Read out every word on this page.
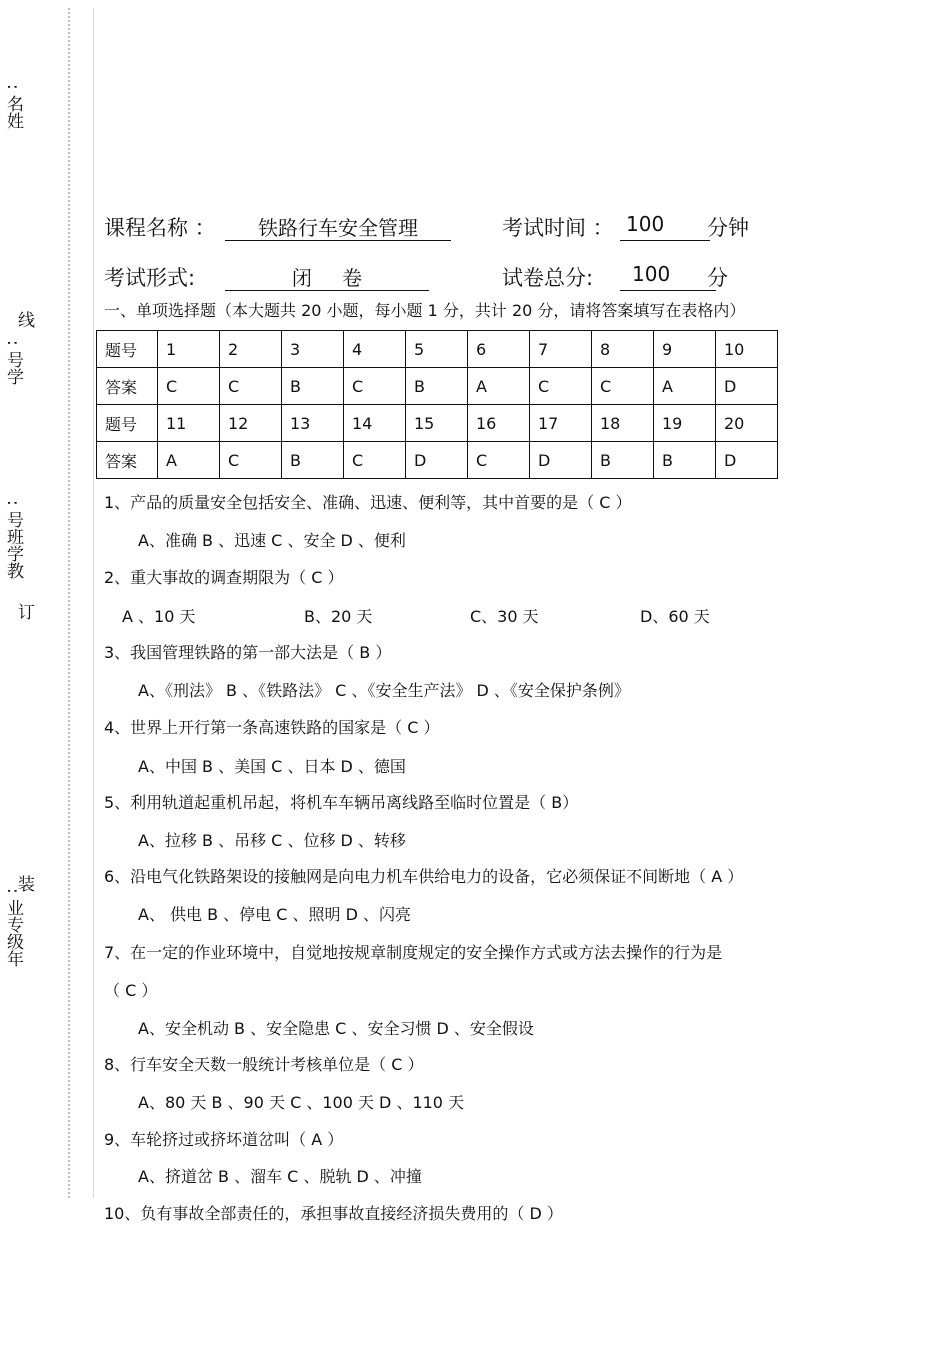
: 名姓
线
: 号学
: 号班学教
订
装
: 业专级年
课程名称 ：	铁路行车安全管理	考试时间 ： 100	分钟
考试形式:	闭 卷	试卷总分:	100	分
一、单项选择题（本大题共 20 小题，每小题 1 分，共计 20 分，请将答案填写在表格内）
题号	1	2	3	4	5	6	7	8	9	10
答案	C	C	B	C	B	A	C	C	A	D
题号	11	12	13	14	15	16	17	18	19	20
答案	A	C	B	C	D	C	D	B	B	D
1、产品的质量安全包括安全、准确、迅速、便利等，其中首要的是（ C ）
A、准确 B 、迅速 C 、安全 D 、便利
2、重大事故的调查期限为（ C ）
A 、10 天	B、20 天	C、30 天	D、60 天
3、我国管理铁路的第一部大法是（ B ）
A、《刑法》 B 、《铁路法》 C 、《安全生产法》 D 、《安全保护条例》
4、世界上开行第一条高速铁路的国家是（ C ）
A、中国 B 、美国 C 、日本 D 、德国
5、利用轨道起重机吊起，将机车车辆吊离线路至临时位置是（ B）
A、拉移 B 、吊移 C 、位移 D 、转移
6、沿电气化铁路架设的接触网是向电力机车供给电力的设备，它必须保证不间断地（ A ）
A、 供电 B 、停电 C 、照明 D 、闪亮
7、在一定的作业环境中，自觉地按规章制度规定的安全操作方式或方法去操作的行为是
（ C ）
A、安全机动 B 、安全隐患 C 、安全习惯 D 、安全假设
8、行车安全天数一般统计考核单位是（ C ）
A、80 天 B 、90 天 C 、100 天 D 、110 天
9、车轮挤过或挤坏道岔叫（ A ）
A、挤道岔 B 、溜车 C 、脱轨 D 、冲撞
10、负有事故全部责任的，承担事故直接经济损失费用的（ D ）
